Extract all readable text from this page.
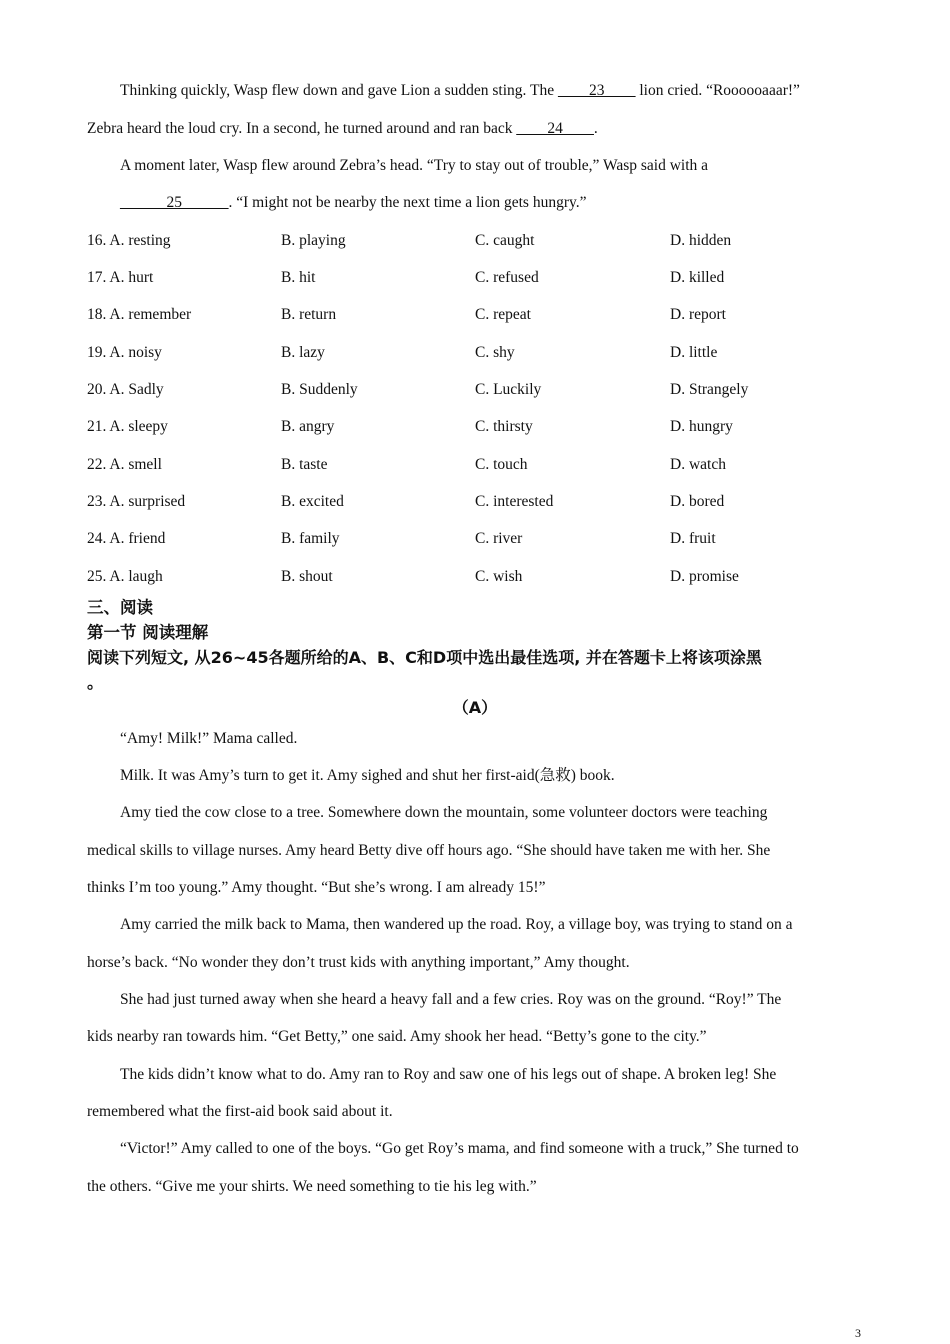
Thinking quickly, Wasp flew down and gave Lion a sudden sting. The ____23____ lion cried. “Roooooaaar!”
Zebra heard the loud cry. In a second, he turned around and ran back ____24____.
A moment later, Wasp flew around Zebra’s head. “Try to stay out of trouble,” Wasp said with a
______25______. “I might not be nearby the next time a lion gets hungry.”
16. A. resting	B. playing	C. caught	D. hidden
17. A. hurt	B. hit	C. refused	D. killed
18. A. remember	B. return	C. repeat	D. report
19. A. noisy	B. lazy	C. shy	D. little
20. A. Sadly	B. Suddenly	C. Luckily	D. Strangely
21. A. sleepy	B. angry	C. thirsty	D. hungry
22. A. smell	B. taste	C. touch	D. watch
23. A. surprised	B. excited	C. interested	D. bored
24. A. friend	B. family	C. river	D. fruit
25. A. laugh	B. shout	C. wish	D. promise
三、阅读
第一节 阅读理解
阅读下列短文, 从26~45各题所给的A、B、C和D项中选出最佳选项, 并在答题卡上将该项涂黑
。
（A）
“Amy! Milk!” Mama called.
Milk. It was Amy’s turn to get it. Amy sighed and shut her first-aid(急救) book.
Amy tied the cow close to a tree. Somewhere down the mountain, some volunteer doctors were teaching
medical skills to village nurses. Amy heard Betty dive off hours ago. “She should have taken me with her. She
thinks I’m too young.” Amy thought. “But she’s wrong. I am already 15!”
Amy carried the milk back to Mama, then wandered up the road. Roy, a village boy, was trying to stand on a
horse’s back. “No wonder they don’t trust kids with anything important,” Amy thought.
She had just turned away when she heard a heavy fall and a few cries. Roy was on the ground. “Roy!” The
kids nearby ran towards him. “Get Betty,” one said. Amy shook her head. “Betty’s gone to the city.”
The kids didn’t know what to do. Amy ran to Roy and saw one of his legs out of shape. A broken leg! She
remembered what the first-aid book said about it.
“Victor!” Amy called to one of the boys. “Go get Roy’s mama, and find someone with a truck,” She turned to
the others. “Give me your shirts. We need something to tie his leg with.”
3
